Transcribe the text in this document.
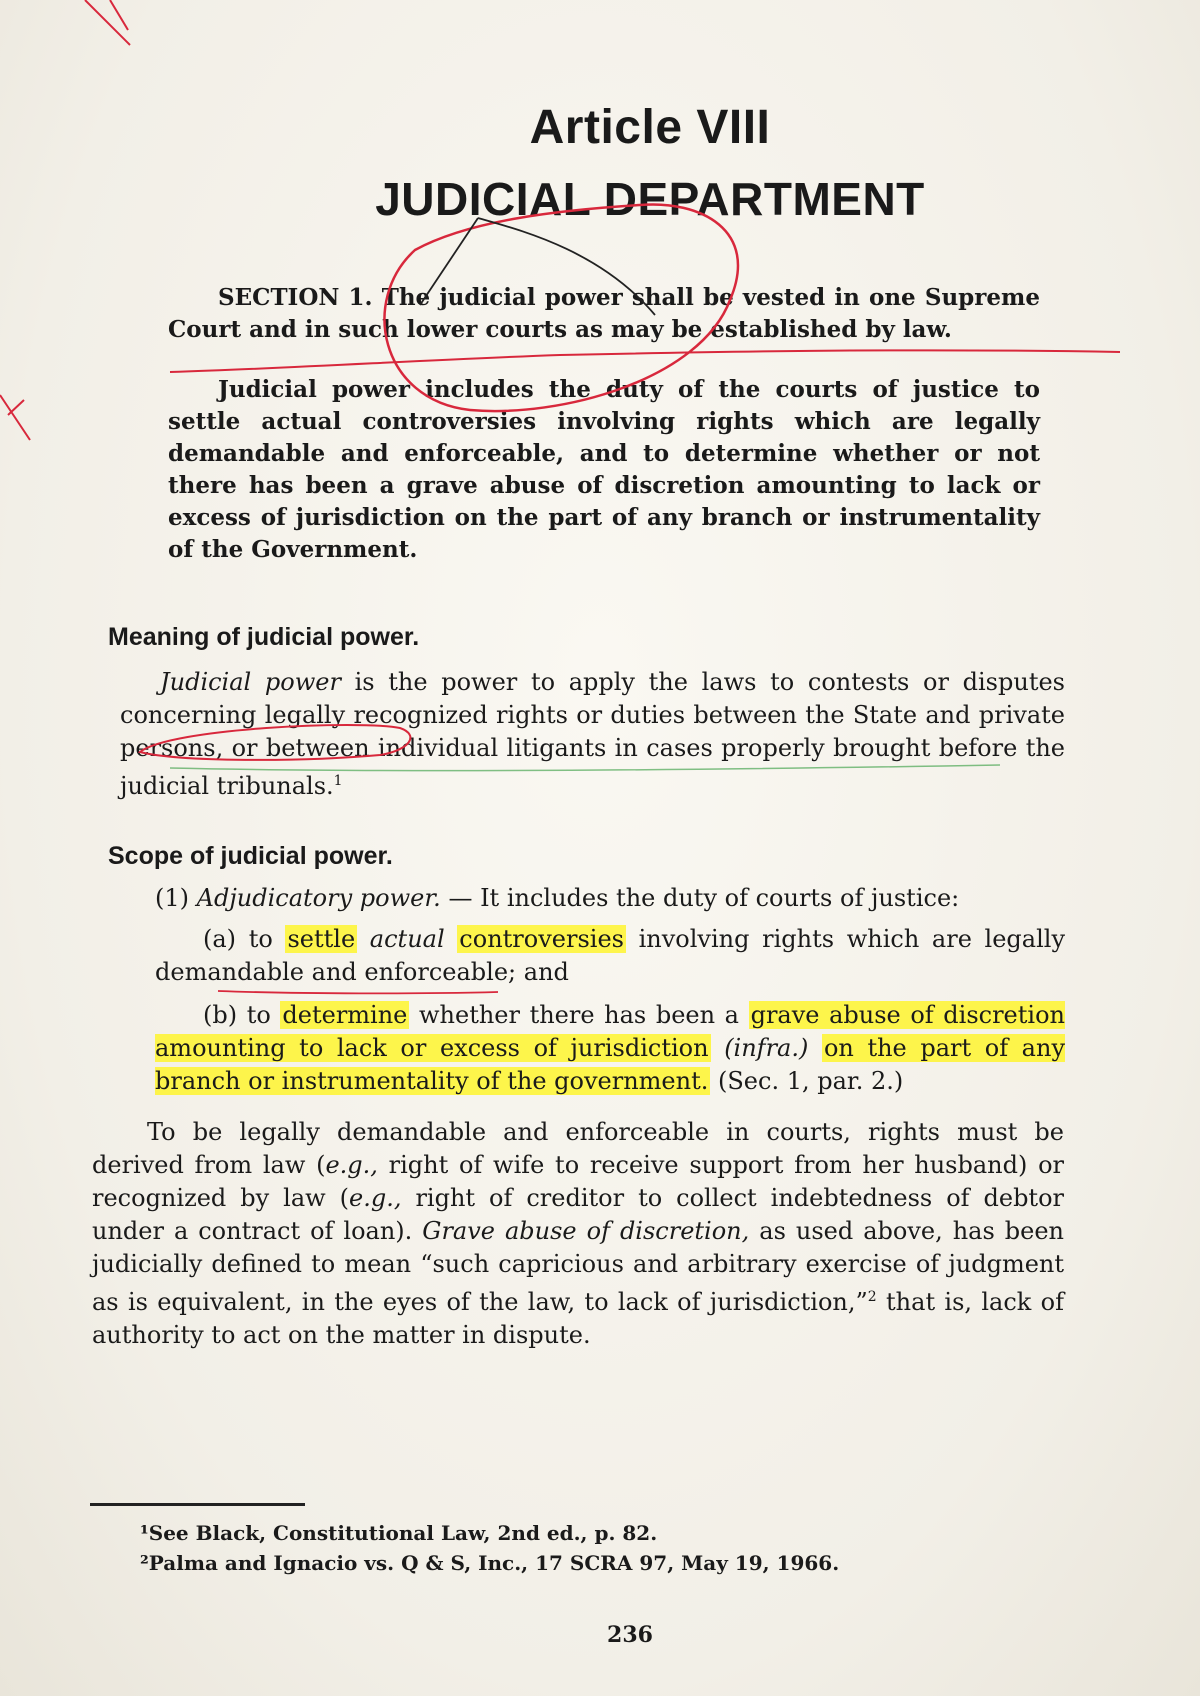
Article VIII
JUDICIAL DEPARTMENT

SECTION 1. The judicial power shall be vested in one Supreme Court and in such lower courts as may be established by law.

Judicial power includes the duty of the courts of justice to settle actual controversies involving rights which are legally demandable and enforceable, and to determine whether or not there has been a grave abuse of discretion amounting to lack or excess of jurisdiction on the part of any branch or instrumentality of the Government.

Meaning of judicial power.

Judicial power is the power to apply the laws to contests or disputes concerning legally recognized rights or duties between the State and private persons, or between individual litigants in cases properly brought before the judicial tribunals.$^1$

Scope of judicial power.

(1) Adjudicatory power. — It includes the duty of courts of justice:

(a) to settle actual controversies involving rights which are legally demandable and enforceable; and

(b) to determine whether there has been a grave abuse of discretion amounting to lack or excess of jurisdiction (infra.) on the part of any branch or instrumentality of the government. (Sec. 1, par. 2.)

To be legally demandable and enforceable in courts, rights must be derived from law (e.g., right of wife to receive support from her husband) or recognized by law (e.g., right of creditor to collect indebtedness of debtor under a contract of loan). Grave abuse of discretion, as used above, has been judicially defined to mean “such capricious and arbitrary exercise of judgment as is equivalent, in the eyes of the law, to lack of jurisdiction,”$^2$ that is, lack of authority to act on the matter in dispute.

¹See Black, Constitutional Law, 2nd ed., p. 82.
²Palma and Ignacio vs. Q & S, Inc., 17 SCRA 97, May 19, 1966.
236
